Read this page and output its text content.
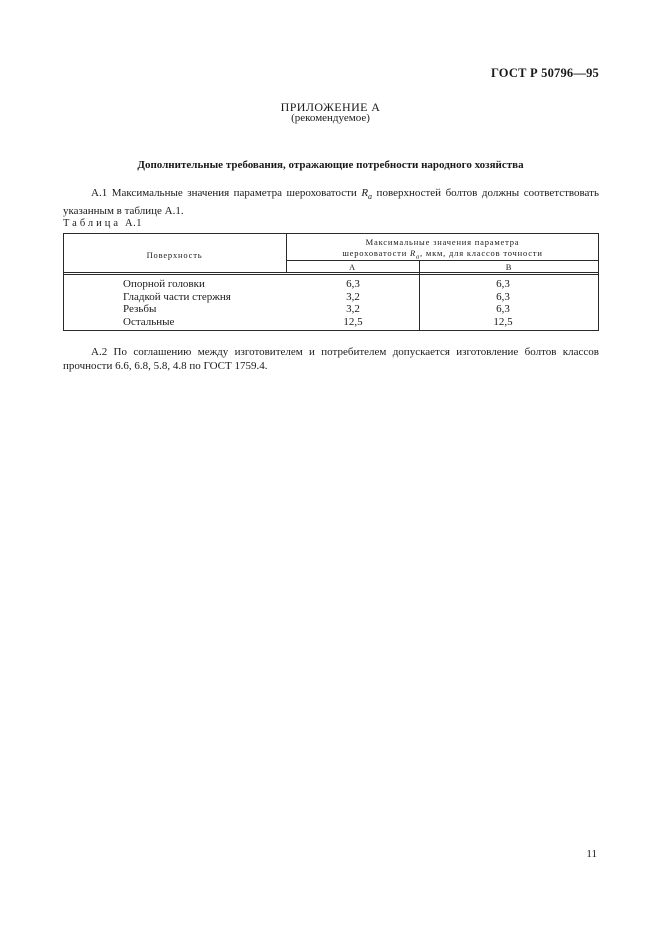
ГОСТ Р 50796—95
ПРИЛОЖЕНИЕ А
(рекомендуемое)
Дополнительные требования, отражающие потребности народного хозяйства
А.1 Максимальные значения параметра шероховатости $R_a$ поверхностей болтов должны соответствовать указанным в таблице А.1.
Таблица А.1
Поверхность
Максимальные значения параметра
шероховатости $R_a$, мкм, для классов точности
А	В
Опорной головки
Гладкой части стержня
Резьбы
Остальные
6,3
3,2
3,2
12,5
6,3
6,3
6,3
12,5
А.2 По соглашению между изготовителем и потребителем допускается изготовление болтов классов прочности 6.6, 6.8, 5.8, 4.8 по ГОСТ 1759.4.
11
